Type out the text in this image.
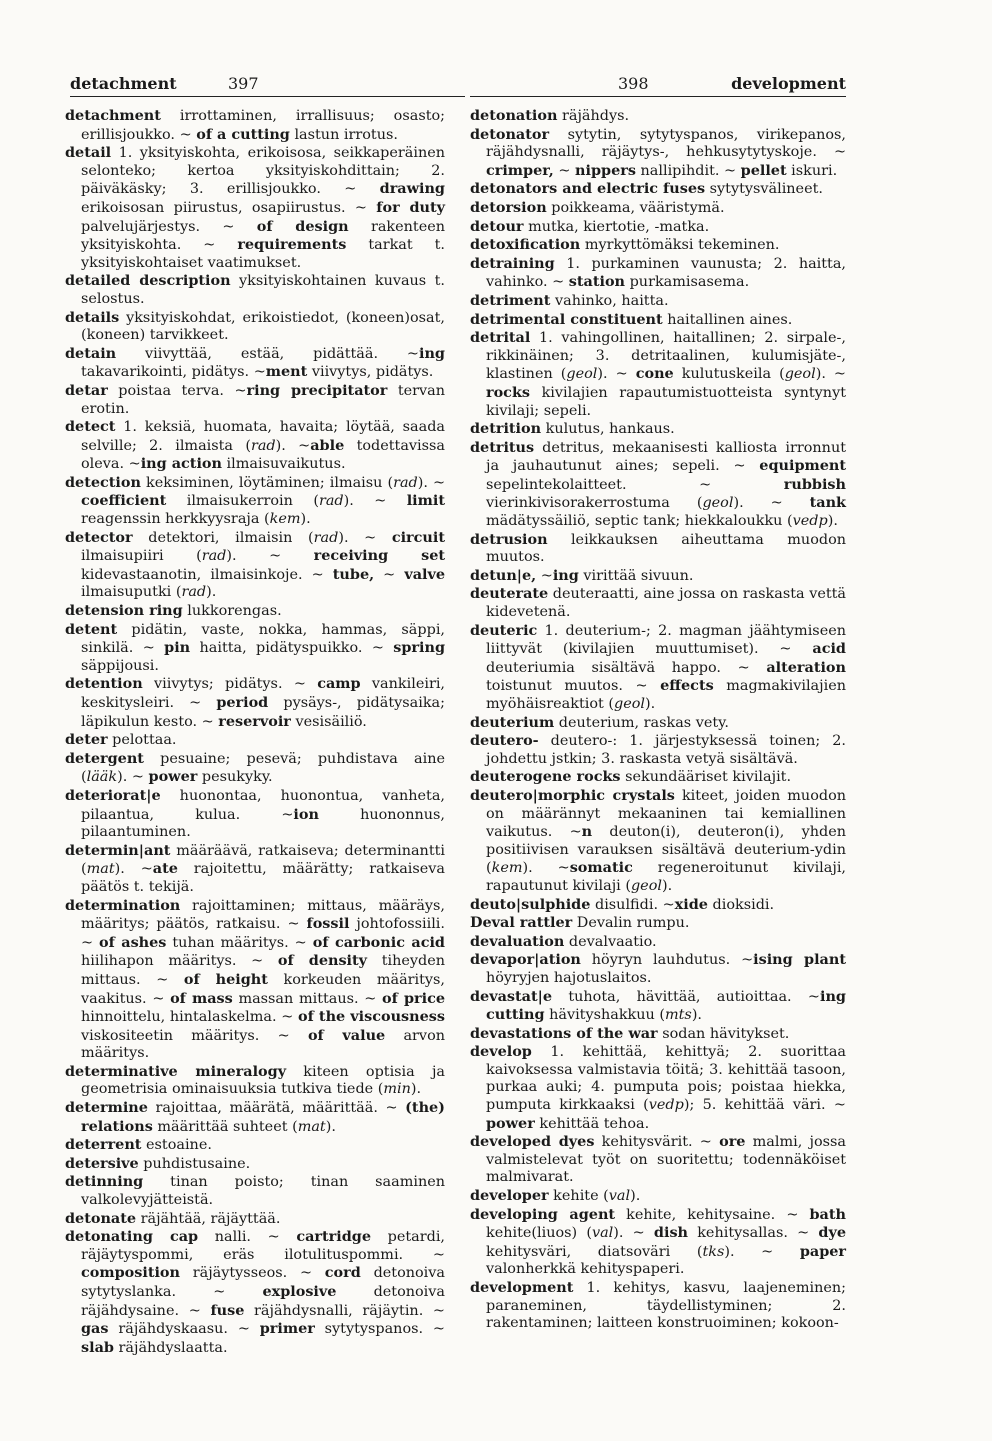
detachment	397	398	development

detachment irrottaminen, irrallisuus; osasto; erillisjoukko. ~ of a cutting lastun irrotus.

detail 1. yksityiskohta, erikoisosa, seikkaperäinen selonteko; kertoa yksityiskohdittain; 2. päiväkäsky; 3. erillisjoukko. ~ drawing erikoisosan piirustus, osapiirustus. ~ for duty palvelujärjestys. ~ of design rakenteen yksityiskohta. ~ requirements tarkat t. yksityiskohtaiset vaatimukset.

detailed description yksityiskohtainen kuvaus t. selostus.

details yksityiskohdat, erikoistiedot, (koneen)osat, (koneen) tarvikkeet.

detain viivyttää, estää, pidättää. ~ing takavarikointi, pidätys. ~ment viivytys, pidätys.

detar poistaa terva. ~ring precipitator tervan erotin.

detect 1. keksiä, huomata, havaita; löytää, saada selville; 2. ilmaista (rad). ~able todettavissa oleva. ~ing action ilmaisuvaikutus.

detection keksiminen, löytäminen; ilmaisu (rad). ~ coefficient ilmaisukerroin (rad). ~ limit reagenssin herkkyysraja (kem).

detector detektori, ilmaisin (rad). ~ circuit ilmaisupiiri (rad). ~ receiving set kidevastaanotin, ilmaisinkoje. ~ tube, ~ valve ilmaisuputki (rad).

detension ring lukkorengas.

detent pidätin, vaste, nokka, hammas, säppi, sinkilä. ~ pin haitta, pidätyspuikko. ~ spring säppijousi.

detention viivytys; pidätys. ~ camp vankileiri, keskitysleiri. ~ period pysäys-, pidätysaika; läpikulun kesto. ~ reservoir vesisäiliö.

deter pelottaa.

detergent pesuaine; pesevä; puhdistava aine (lääk). ~ power pesukyky.

deteriorat|e huonontaa, huonontua, vanheta, pilaantua, kulua. ~ion huononnus, pilaantuminen.

determin|ant määräävä, ratkaiseva; determinantti (mat). ~ate rajoitettu, määrätty; ratkaiseva päätös t. tekijä.

determination rajoittaminen; mittaus, määräys, määritys; päätös, ratkaisu. ~ fossil johtofossiili. ~ of ashes tuhan määritys. ~ of carbonic acid hiilihapon määritys. ~ of density tiheyden mittaus. ~ of height korkeuden määritys, vaakitus. ~ of mass massan mittaus. ~ of price hinnoittelu, hintalaskelma. ~ of the viscousness viskositeetin määritys. ~ of value arvon määritys.

determinative mineralogy kiteen optisia ja geometrisia ominaisuuksia tutkiva tiede (min).

determine rajoittaa, määrätä, määrittää. ~ (the) relations määrittää suhteet (mat).

deterrent estoaine.

detersive puhdistusaine.

detinning tinan poisto; tinan saaminen valkolevyjätteistä.

detonate räjähtää, räjäyttää.

detonating cap nalli. ~ cartridge petardi, räjäytyspommi, eräs ilotulituspommi. ~ composition räjäytysseos. ~ cord detonoiva sytytyslanka. ~ explosive detonoiva räjähdysaine. ~ fuse räjähdysnalli, räjäytin. ~ gas räjähdyskaasu. ~ primer sytytyspanos. ~ slab räjähdyslaatta.

detonation räjähdys.

detonator sytytin, sytytyspanos, virikepanos, räjähdysnalli, räjäytys-, hehkusytytyskoje. ~ crimper, ~ nippers nallipihdit. ~ pellet iskuri.

detonators and electric fuses sytytysvälineet.

detorsion poikkeama, vääristymä.

detour mutka, kiertotie, -matka.

detoxification myrkyttömäksi tekeminen.

detraining 1. purkaminen vaunusta; 2. haitta, vahinko. ~ station purkamisasema.

detriment vahinko, haitta.

detrimental constituent haitallinen aines.

detrital 1. vahingollinen, haitallinen; 2. sirpale-, rikkinäinen; 3. detritaalinen, kulumisjäte-, klastinen (geol). ~ cone kulutuskeila (geol). ~ rocks kivilajien rapautumistuotteista syntynyt kivilaji; sepeli.

detrition kulutus, hankaus.

detritus detritus, mekaanisesti kalliosta irronnut ja jauhautunut aines; sepeli. ~ equipment sepelintekolaitteet. ~ rubbish vierinkivisorakerrostuma (geol). ~ tank mädätyssäiliö, septic tank; hiekkaloukku (vedp).

detrusion leikkauksen aiheuttama muodon muutos.

detun|e, ~ing virittää sivuun.

deuterate deuteraatti, aine jossa on raskasta vettä kidevetenä.

deuteric 1. deuterium-; 2. magman jäähtymiseen liittyvät (kivilajien muuttumiset). ~ acid deuteriumia sisältävä happo. ~ alteration toistunut muutos. ~ effects magmakivilajien myöhäisreaktiot (geol).

deuterium deuterium, raskas vety.

deutero- deutero-: 1. järjestyksessä toinen; 2. johdettu jstkin; 3. raskasta vetyä sisältävä.

deuterogene rocks sekundääriset kivilajit.

deutero|morphic crystals kiteet, joiden muodon on määrännyt mekaaninen tai kemiallinen vaikutus. ~n deuton(i), deuteron(i), yhden positiivisen varauksen sisältävä deuterium-ydin (kem). ~somatic regeneroitunut kivilaji, rapautunut kivilaji (geol).

deuto|sulphide disulfidi. ~xide dioksidi.

Deval rattler Devalin rumpu.

devaluation devalvaatio.

devapor|ation höyryn lauhdutus. ~ising plant höyryjen hajotuslaitos.

devastat|e tuhota, hävittää, autioittaa. ~ing cutting hävityshakkuu (mts).

devastations of the war sodan hävitykset.

develop 1. kehittää, kehittyä; 2. suorittaa kaivoksessa valmistavia töitä; 3. kehittää tasoon, purkaa auki; 4. pumputa pois; poistaa hiekka, pumputa kirkkaaksi (vedp); 5. kehittää väri. ~ power kehittää tehoa.

developed dyes kehitysvärit. ~ ore malmi, jossa valmistelevat työt on suoritettu; todennäköiset malmivarat.

developer kehite (val).

developing agent kehite, kehitysaine. ~ bath kehite(liuos) (val). ~ dish kehitysallas. ~ dye kehitysväri, diatsoväri (tks). ~ paper valonherkkä kehityspaperi.

development 1. kehitys, kasvu, laajeneminen; paraneminen, täydellistyminen; 2. rakentaminen; laitteen konstruoiminen; kokoon-
